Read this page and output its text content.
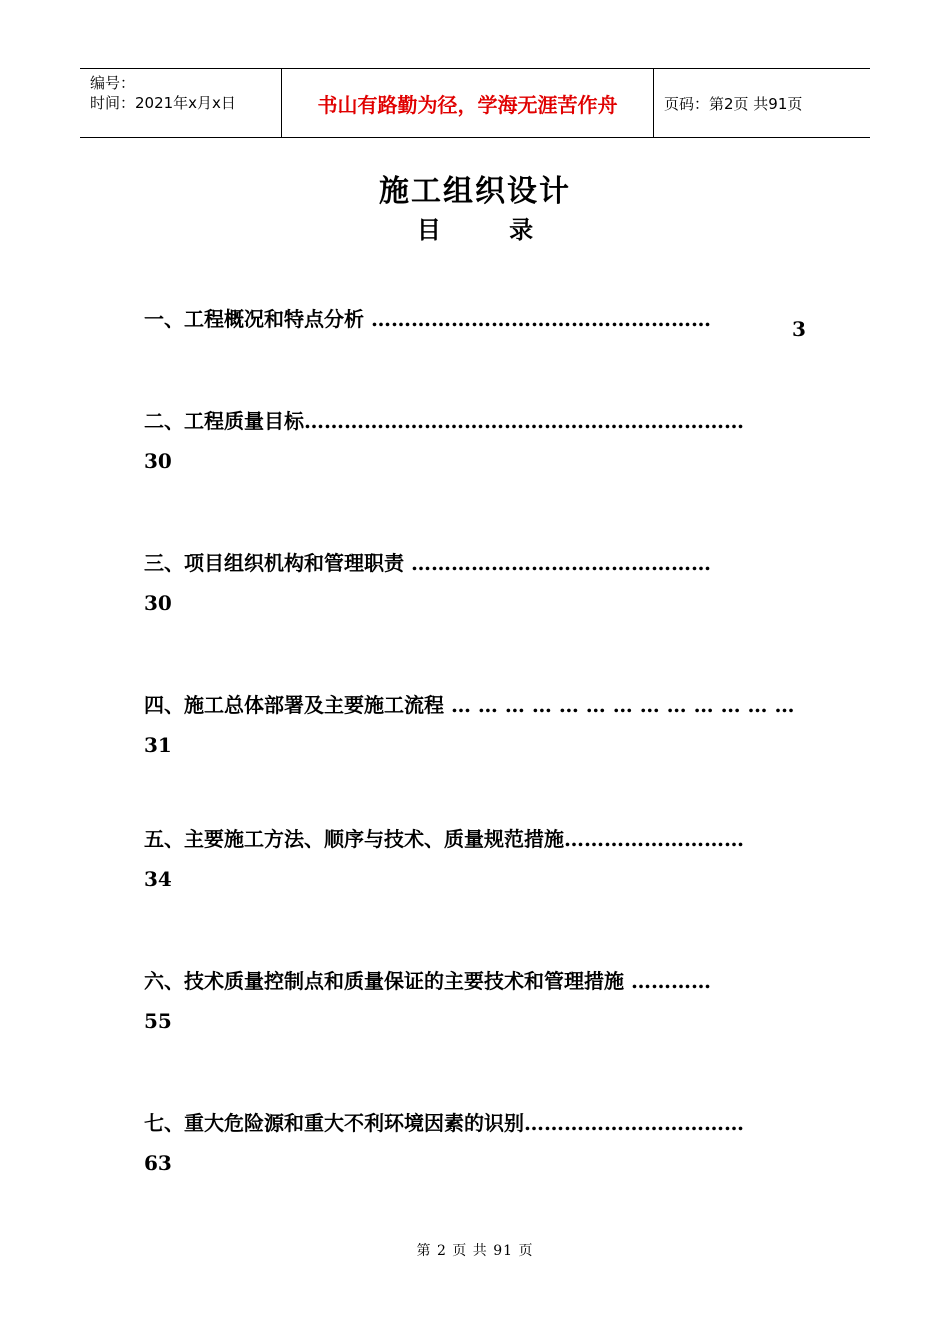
编号：
时间：2021年x月x日	书山有路勤为径，学海无涯苦作舟	页码：第2页 共91页
施工组织设计
目 录
一、工程概况和特点分析 ……………………………………………	3
二、工程质量目标…………………………………………………………
30
三、项目组织机构和管理职责 ………………………………………
30
四、施工总体部署及主要施工流程 … … … … … … … … … … … … …
31
五、主要施工方法、顺序与技术、质量规范措施………………………
34
六、技术质量控制点和质量保证的主要技术和管理措施 …………
55
七、重大危险源和重大不利环境因素的识别……………………………
63
第 2 页 共 91 页
